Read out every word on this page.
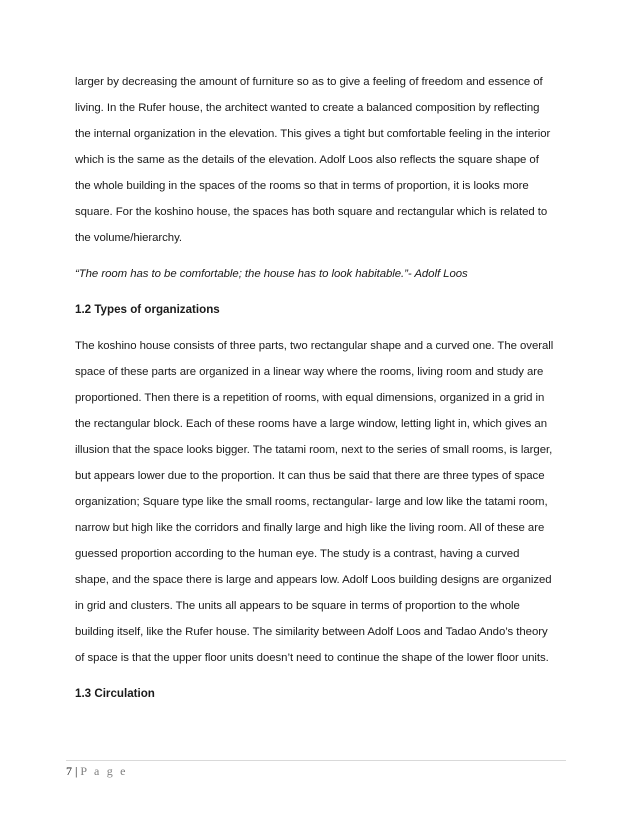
larger by decreasing the amount of furniture so as to give a feeling of freedom and essence of
living. In the Rufer house, the architect wanted to create a balanced composition by reflecting
the internal organization in the elevation. This gives a tight but comfortable feeling in the interior
which is the same as the details of the elevation. Adolf Loos also reflects the square shape of
the whole building in the spaces of the rooms so that in terms of proportion, it is looks more
square. For the koshino house, the spaces has both square and rectangular which is related to
the volume/hierarchy.
“The room has to be comfortable; the house has to look habitable.”- Adolf Loos
1.2 Types of organizations
The koshino house consists of three parts, two rectangular shape and a curved one. The overall
space of these parts are organized in a linear way where the rooms, living room and study are
proportioned. Then there is a repetition of rooms, with equal dimensions, organized in a grid in
the rectangular block. Each of these rooms have a large window, letting light in, which gives an
illusion that the space looks bigger. The tatami room, next to the series of small rooms, is larger,
but appears lower due to the proportion. It can thus be said that there are three types of space
organization; Square type like the small rooms, rectangular- large and low like the tatami room,
narrow but high like the corridors and finally large and high like the living room. All of these are
guessed proportion according to the human eye. The study is a contrast, having a curved
shape, and the space there is large and appears low. Adolf Loos building designs are organized
in grid and clusters. The units all appears to be square in terms of proportion to the whole
building itself, like the Rufer house. The similarity between Adolf Loos and Tadao Ando’s theory
of space is that the upper floor units doesn’t need to continue the shape of the lower floor units.
1.3 Circulation
7 | P a g e
